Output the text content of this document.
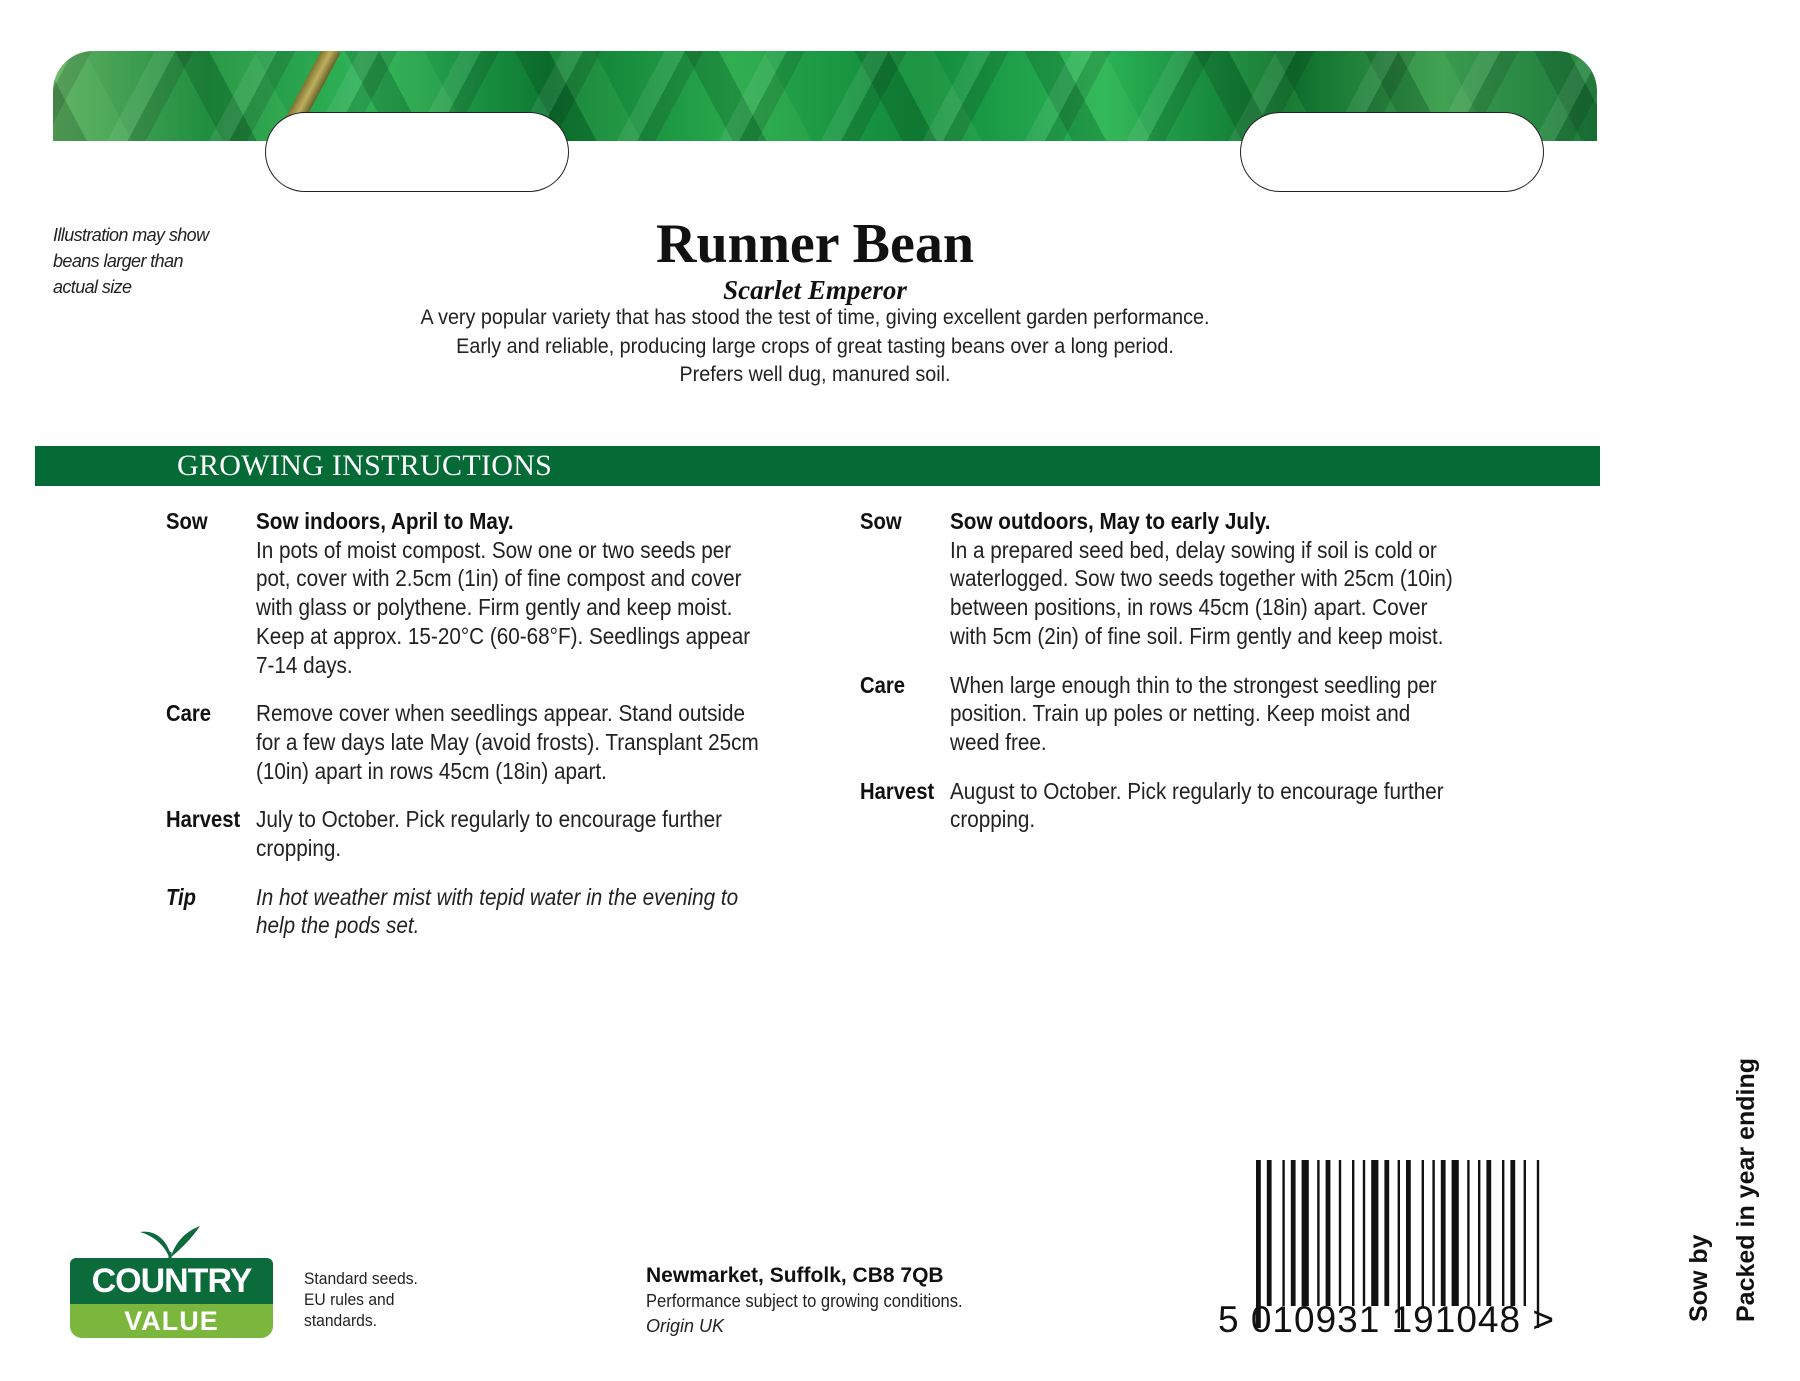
Illustration may show
beans larger than
actual size
Runner Bean
Scarlet Emperor
A very popular variety that has stood the test of time, giving excellent garden performance.
Early and reliable, producing large crops of great tasting beans over a long period.
Prefers well dug, manured soil.
GROWING INSTRUCTIONS
Sow	Sow indoors, April to May.
In pots of moist compost. Sow one or two seeds per pot, cover with 2.5cm (1in) of fine compost and cover with glass or polythene. Firm gently and keep moist. Keep at approx. 15-20°C (60-68°F). Seedlings appear 7-14 days.
Care	Remove cover when seedlings appear. Stand outside for a few days late May (avoid frosts). Transplant 25cm (10in) apart in rows 45cm (18in) apart.
Harvest July to October. Pick regularly to encourage further cropping.
Tip	In hot weather mist with tepid water in the evening to help the pods set.
Sow	Sow outdoors, May to early July.
In a prepared seed bed, delay sowing if soil is cold or waterlogged. Sow two seeds together with 25cm (10in) between positions, in rows 45cm (18in) apart. Cover with 5cm (2in) of fine soil. Firm gently and keep moist.
Care	When large enough thin to the strongest seedling per position. Train up poles or netting. Keep moist and weed free.
Harvest August to October. Pick regularly to encourage further cropping.
COUNTRY
VALUE
Standard seeds.
EU rules and
standards.
Newmarket, Suffolk, CB8 7QB
Performance subject to growing conditions.
Origin UK	5 010931 191048 >	Sow by Packed in year ending
